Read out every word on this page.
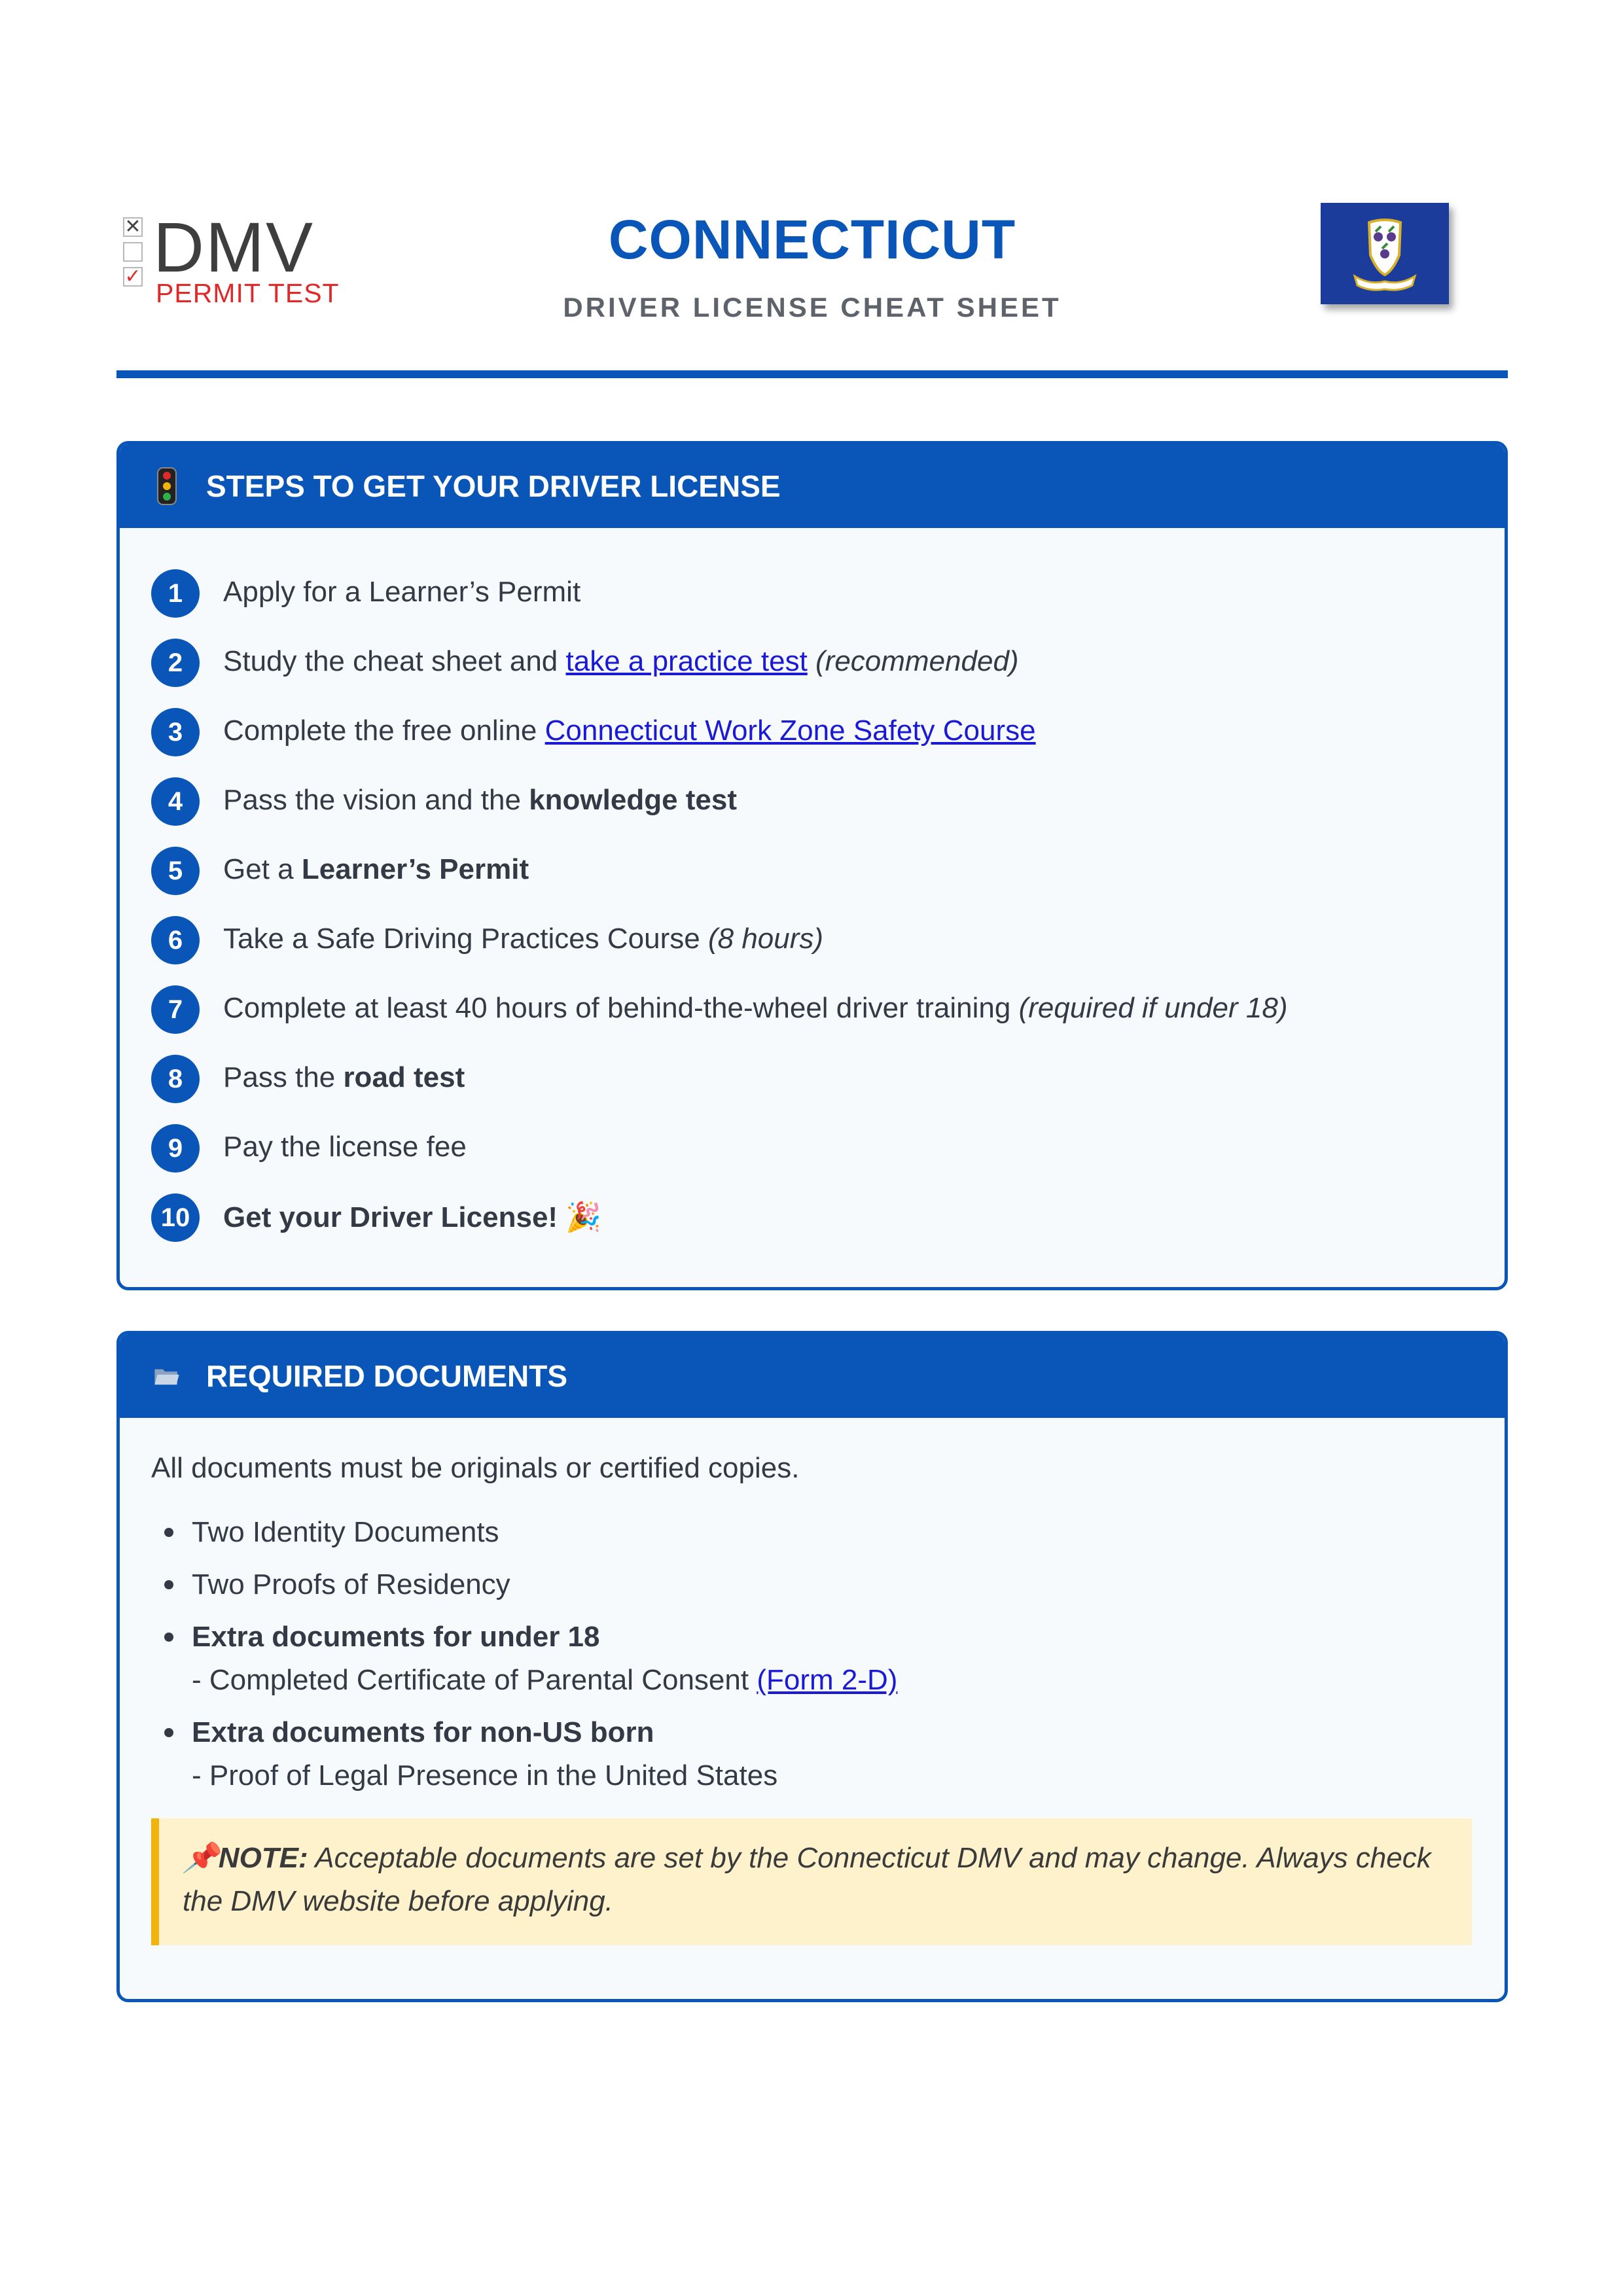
✕
✓ DMV
PERMIT TEST
CONNECTICUT
DRIVER LICENSE CHEAT SHEET
STEPS TO GET YOUR DRIVER LICENSE
1	Apply for a Learner’s Permit
2	Study the cheat sheet and take a practice test (recommended)
3	Complete the free online Connecticut Work Zone Safety Course
4	Pass the vision and the knowledge test
5	Get a Learner’s Permit
6	Take a Safe Driving Practices Course (8 hours)
7	Complete at least 40 hours of behind-the-wheel driver training (required if under 18)
8	Pass the road test
9	Pay the license fee
10	Get your Driver License! 🎉
REQUIRED DOCUMENTS
All documents must be originals or certified copies.
Two Identity Documents
Two Proofs of Residency
Extra documents for under 18
- Completed Certificate of Parental Consent (Form 2-D)
Extra documents for non-US born
- Proof of Legal Presence in the United States
📌NOTE: Acceptable documents are set by the Connecticut DMV and may change. Always check the DMV website before applying.
